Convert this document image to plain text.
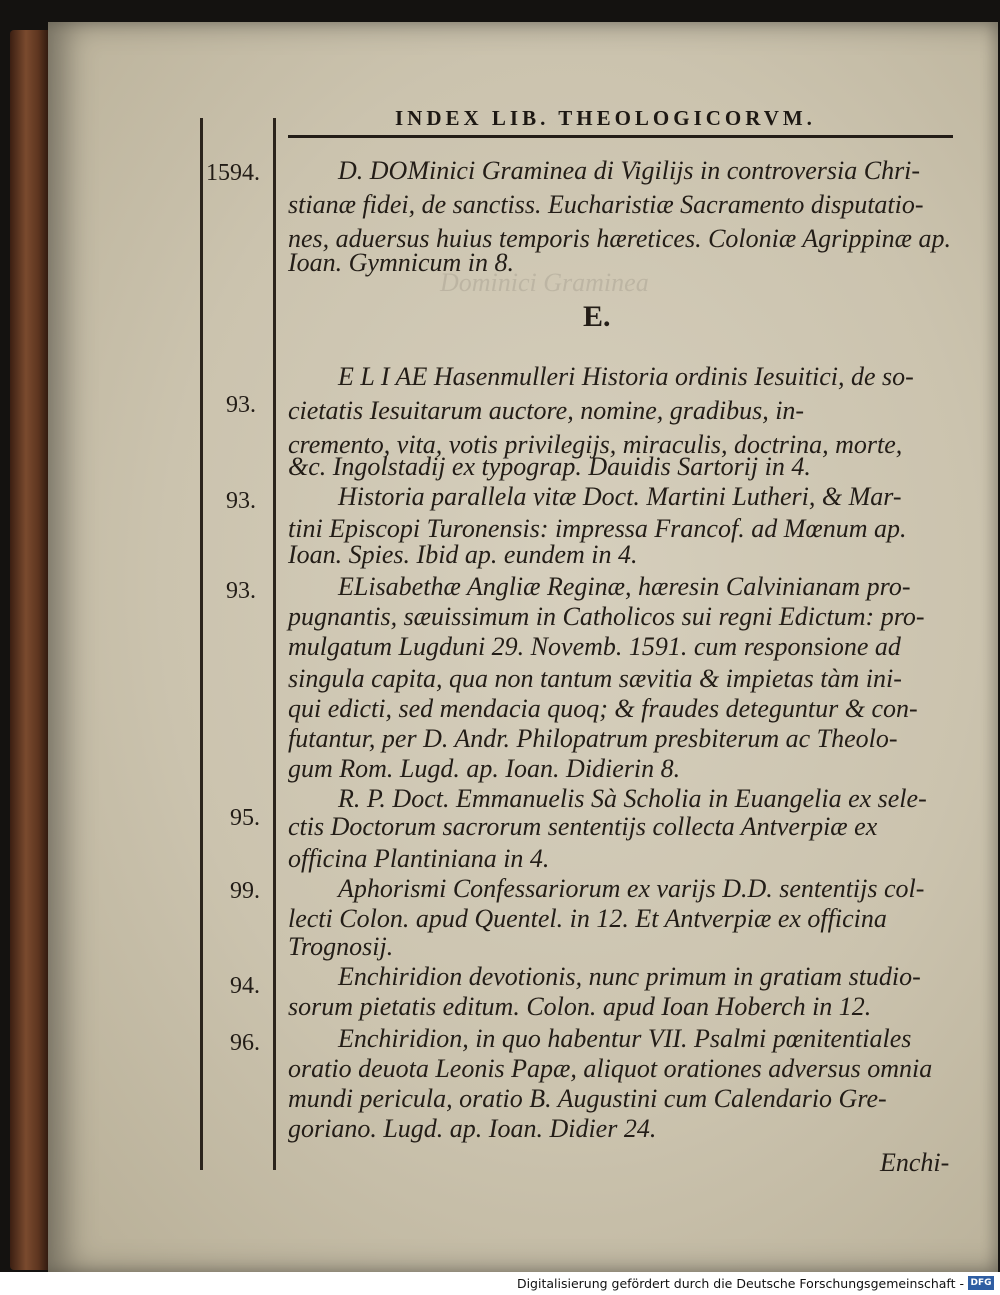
Dominici Graminea
INDEX LIB. THEOLOGICORVM.
1594.
93.
93.
93.
95.
99.
94.
96.
D. DOMinici Graminea di Vigilijs in controversia Chri-
stianæ fidei, de sanctiss. Eucharistiæ Sacramento disputatio-
nes, aduersus huius temporis hæretices. Coloniæ Agrippinæ ap.
Ioan. Gymnicum in 8.
E.
E L I AE Hasenmulleri Historia ordinis Iesuitici, de so-
cietatis Iesuitarum auctore, nomine, gradibus, in-
cremento, vita, votis privilegijs, miraculis, doctrina, morte,
&c. Ingolstadij ex typograp. Dauidis Sartorij in 4.
Historia parallela vitæ Doct. Martini Lutheri, & Mar-
tini Episcopi Turonensis: impressa Francof. ad Mœnum ap.
Ioan. Spies. Ibid ap. eundem in 4.
ELisabethæ Angliæ Reginæ, hæresin Calvinianam pro-
pugnantis, sæuissimum in Catholicos sui regni Edictum: pro-
mulgatum Lugduni 29. Novemb. 1591. cum responsione ad
singula capita, qua non tantum sævitia & impietas tàm ini-
qui edicti, sed mendacia quoq; & fraudes deteguntur & con-
futantur, per D. Andr. Philopatrum presbiterum ac Theolo-
gum Rom. Lugd. ap. Ioan. Didierin 8.
R. P. Doct. Emmanuelis Sà Scholia in Euangelia ex sele-
ctis Doctorum sacrorum sententijs collecta Antverpiæ ex
officina Plantiniana in 4.
Aphorismi Confessariorum ex varijs D.D. sententijs col-
lecti Colon. apud Quentel. in 12. Et Antverpiæ ex officina
Trognosij.
Enchiridion devotionis, nunc primum in gratiam studio-
sorum pietatis editum. Colon. apud Ioan Hoberch in 12.
Enchiridion, in quo habentur VII. Psalmi pœnitentiales
oratio deuota Leonis Papæ, aliquot orationes adversus omnia
mundi pericula, oratio B. Augustini cum Calendario Gre-
goriano. Lugd. ap. Ioan. Didier 24.
Enchi-
Digitalisierung gefördert durch die Deutsche Forschungsgemeinschaft - DFG
